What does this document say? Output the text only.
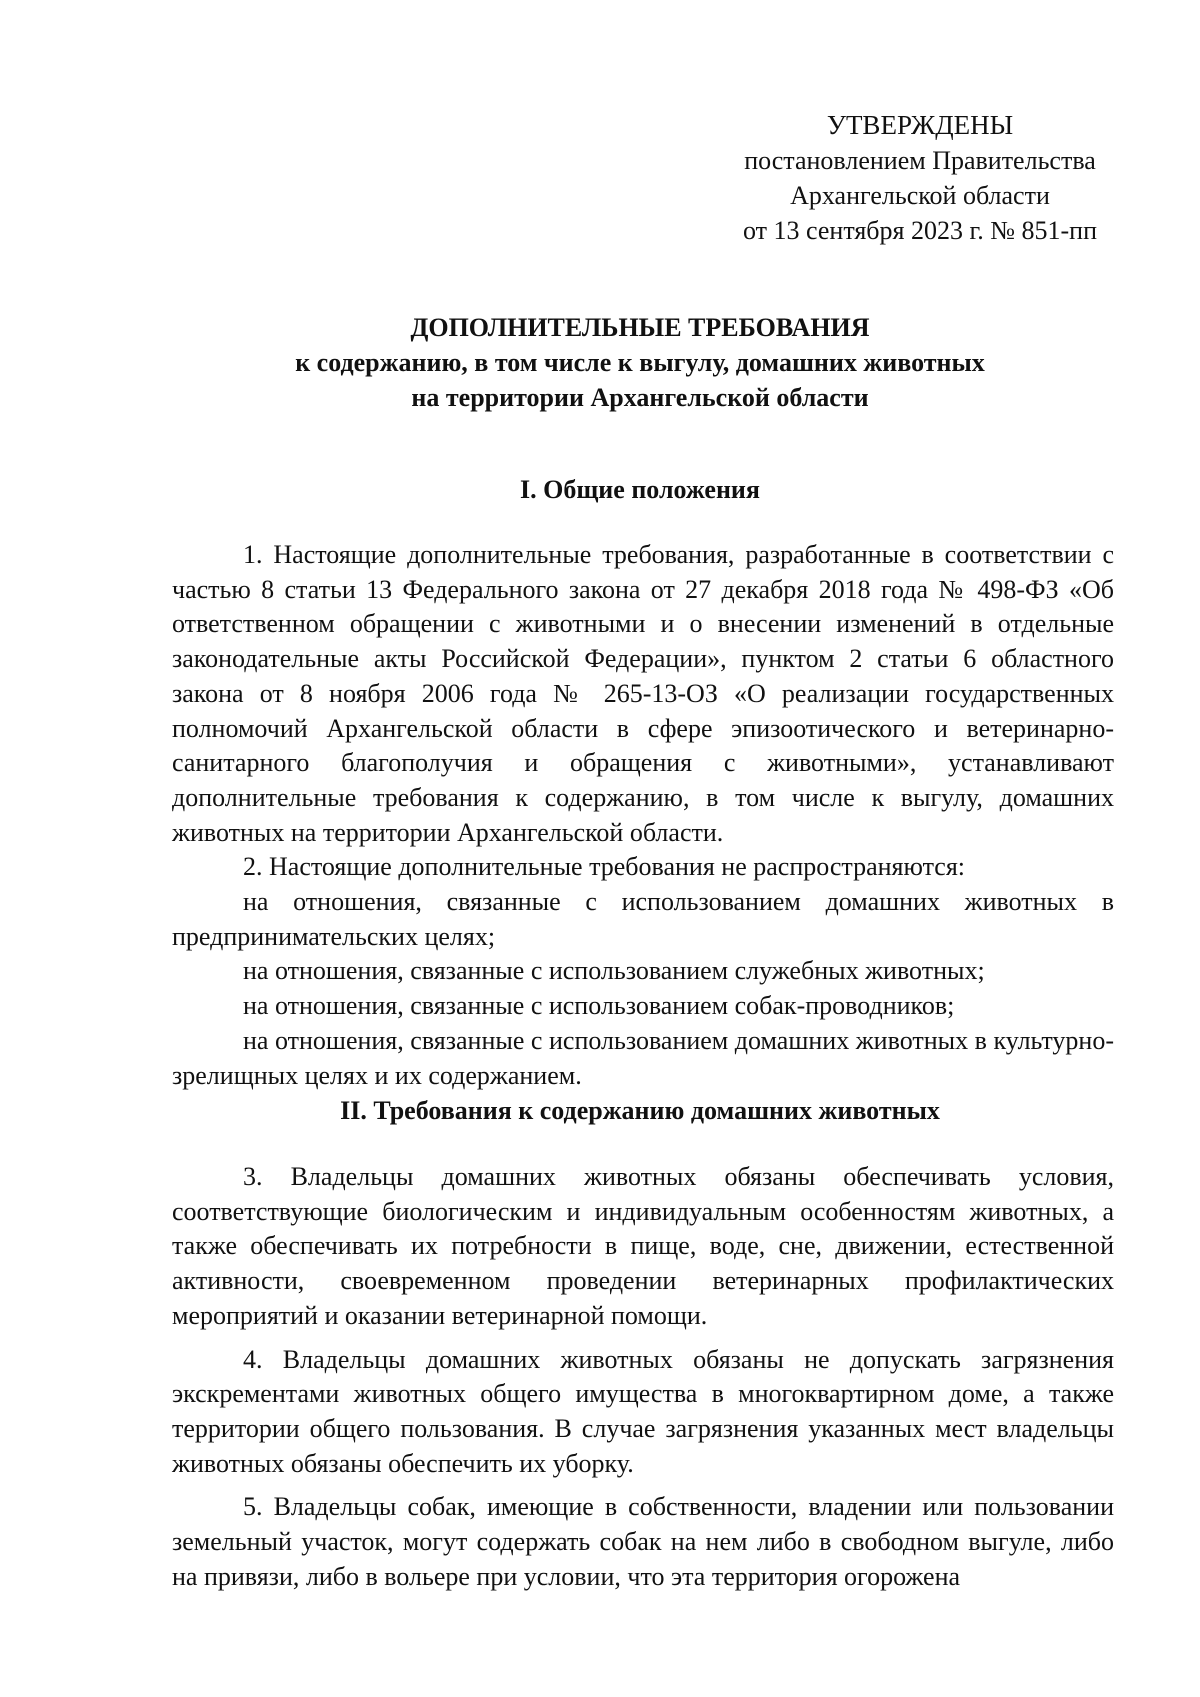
УТВЕРЖДЕНЫ
постановлением Правительства
Архангельской области
от 13 сентября 2023 г. № 851-пп
ДОПОЛНИТЕЛЬНЫЕ ТРЕБОВАНИЯ
к содержанию, в том числе к выгулу, домашних животных
на территории Архангельской области
I. Общие положения

1. Настоящие дополнительные требования, разработанные в соответствии с частью 8 статьи 13 Федерального закона от 27 декабря 2018 года № 498-ФЗ «Об ответственном обращении с животными и о внесении изменений в отдельные законодательные акты Российской Федерации», пунктом 2 статьи 6 областного закона от 8 ноября 2006 года № 265-13-ОЗ «О реализации государственных полномочий Архангельской области в сфере эпизоотического и ветеринарно-санитарного благополучия и обращения с животными», устанавливают дополнительные требования к содержанию, в том числе к выгулу, домашних животных на территории Архангельской области.

2. Настоящие дополнительные требования не распространяются:

на отношения, связанные с использованием домашних животных в предпринимательских целях;

на отношения, связанные с использованием служебных животных;

на отношения, связанные с использованием собак-проводников;

на отношения, связанные с использованием домашних животных в культурно-зрелищных целях и их содержанием.

II. Требования к содержанию домашних животных

3. Владельцы домашних животных обязаны обеспечивать условия, соответствующие биологическим и индивидуальным особенностям животных, а также обеспечивать их потребности в пище, воде, сне, движении, естественной активности, своевременном проведении ветеринарных профилактических мероприятий и оказании ветеринарной помощи.

4. Владельцы домашних животных обязаны не допускать загрязнения экскрементами животных общего имущества в многоквартирном доме, а также территории общего пользования. В случае загрязнения указанных мест владельцы животных обязаны обеспечить их уборку.

5. Владельцы собак, имеющие в собственности, владении или пользовании земельный участок, могут содержать собак на нем либо в свободном выгуле, либо на привязи, либо в вольере при условии, что эта территория огорожена
